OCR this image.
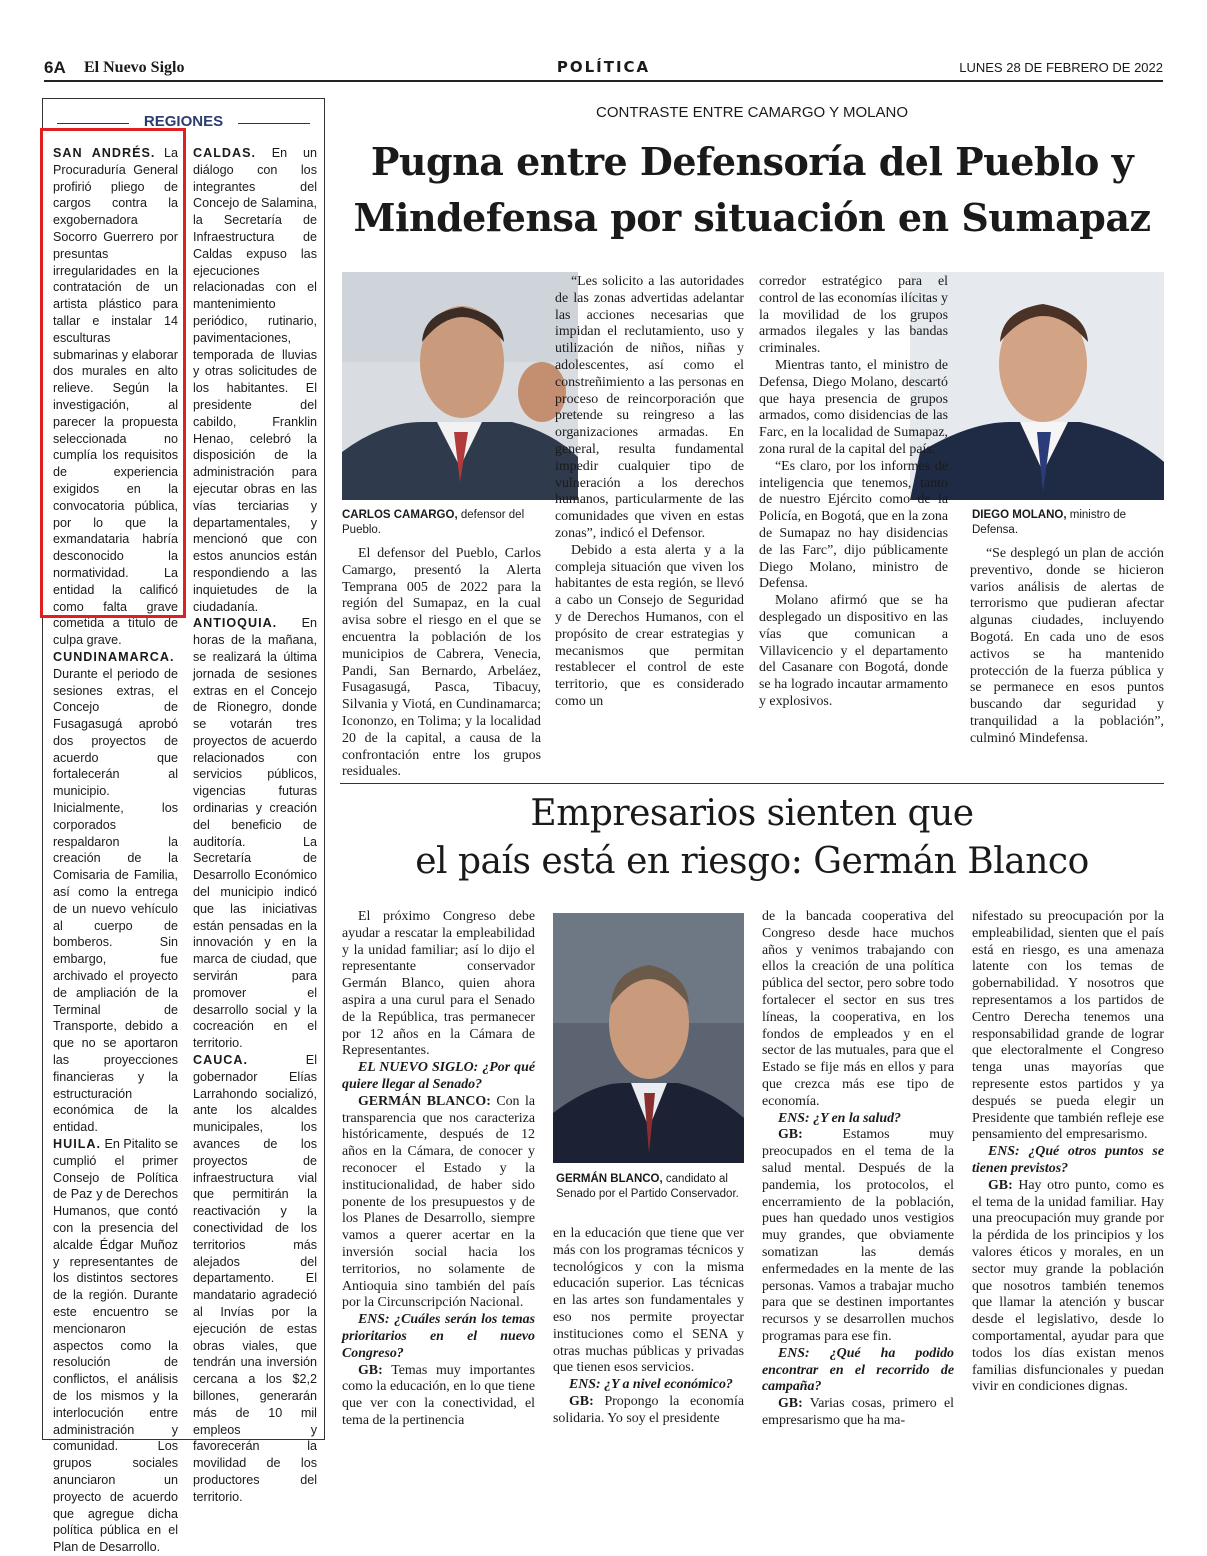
6A El Nuevo Siglo	POLÍTICA	LUNES 28 DE FEBRERO DE 2022
REGIONES

SAN ANDRÉS. La Procuraduría General profirió pliego de cargos contra la exgobernadora Socorro Guerrero por presuntas irregularidades en la contratación de un artista plástico para tallar e instalar 14 esculturas submarinas y elaborar dos murales en alto relieve. Según la investigación, al parecer la propuesta seleccionada no cumplía los requisitos de experiencia exigidos en la convocatoria pública, por lo que la exmandataria habría desconocido la normatividad. La entidad la calificó como falta grave cometida a título de culpa grave.

CUNDINAMARCA. Durante el periodo de sesiones extras, el Concejo de Fusagasugá aprobó dos proyectos de acuerdo que fortalecerán al municipio. Inicialmente, los corporados respaldaron la creación de la Comisaria de Familia, así como la entrega de un nuevo vehículo al cuerpo de bomberos. Sin embargo, fue archivado el proyecto de ampliación de la Terminal de Transporte, debido a que no se aportaron las proyecciones financieras y la estructuración económica de la entidad.

HUILA. En Pitalito se cumplió el primer Consejo de Política de Paz y de Derechos Humanos, que contó con la presencia del alcalde Édgar Muñoz y representantes de los distintos sectores de la región. Durante este encuentro se mencionaron aspectos como la resolución de conflictos, el análisis de los mismos y la interlocución entre administración y comunidad. Los grupos sociales anunciaron un proyecto de acuerdo que agregue dicha política pública en el Plan de Desarrollo.

CALDAS. En un diálogo con los integrantes del Concejo de Salamina, la Secretaría de Infraestructura de Caldas expuso las ejecuciones relacionadas con el mantenimiento periódico, rutinario, pavimentaciones, temporada de lluvias y otras solicitudes de los habitantes. El presidente del cabildo, Franklin Henao, celebró la disposición de la administración para ejecutar obras en las vías terciarias y departamentales, y mencionó que con estos anuncios están respondiendo a las inquietudes de la ciudadanía.

ANTIOQUIA. En horas de la mañana, se realizará la última jornada de sesiones extras en el Concejo de Rionegro, donde se votarán tres proyectos de acuerdo relacionados con servicios públicos, vigencias futuras ordinarias y creación del beneficio de auditoría. La Secretaría de Desarrollo Económico del municipio indicó que las iniciativas están pensadas en la innovación y en la marca de ciudad, que servirán para promover el desarrollo social y la cocreación en el territorio.

CAUCA. El gobernador Elías Larrahondo socializó, ante los alcaldes municipales, los avances de los proyectos de infraestructura vial que permitirán la reactivación y la conectividad de los territorios más alejados del departamento. El mandatario agradeció al Invías por la ejecución de estas obras viales, que tendrán una inversión cercana a los $2,2 billones, generarán más de 10 mil empleos y favorecerán la movilidad de los productores del territorio.

CONTRASTE ENTRE CAMARGO Y MOLANO
Pugna entre Defensoría del Pueblo y
Mindefensa por situación en Sumapaz
CARLOS CAMARGO, defensor del Pueblo.
DIEGO MOLANO, ministro de Defensa.

El defensor del Pueblo, Carlos Camargo, presentó la Alerta Temprana 005 de 2022 para la región del Sumapaz, en la cual avisa sobre el riesgo en el que se encuentra la población de los municipios de Cabrera, Venecia, Pandi, San Bernardo, Arbeláez, Fusagasugá, Pasca, Tibacuy, Silvania y Viotá, en Cundinamarca; Icononzo, en Tolima; y la localidad 20 de la capital, a causa de la confrontación entre los grupos residuales.

“Les solicito a las autoridades de las zonas advertidas adelantar las acciones necesarias que impidan el reclutamiento, uso y utilización de niños, niñas y adolescentes, así como el constreñimiento a las personas en proceso de reincorporación que pretende su reingreso a las organizaciones armadas. En general, resulta fundamental impedir cualquier tipo de vulneración a los derechos humanos, particularmente de las comunidades que viven en estas zonas”, indicó el Defensor.

Debido a esta alerta y a la compleja situación que viven los habitantes de esta región, se llevó a cabo un Consejo de Seguridad y de Derechos Humanos, con el propósito de crear estrategias y mecanismos que permitan restablecer el control de este territorio, que es considerado como un

corredor estratégico para el control de las economías ilícitas y la movilidad de los grupos armados ilegales y las bandas criminales.

Mientras tanto, el ministro de Defensa, Diego Molano, descartó que haya presencia de grupos armados, como disidencias de las Farc, en la localidad de Sumapaz, zona rural de la capital del país.

“Es claro, por los informes de inteligencia que tenemos, tanto de nuestro Ejército como de la Policía, en Bogotá, que en la zona de Sumapaz no hay disidencias de las Farc”, dijo públicamente Diego Molano, ministro de Defensa.

Molano afirmó que se ha desplegado un dispositivo en las vías que comunican a Villavicencio y el departamento del Casanare con Bogotá, donde se ha logrado incautar armamento y explosivos.

“Se desplegó un plan de acción preventivo, donde se hicieron varios análisis de alertas de terrorismo que pudieran afectar algunas ciudades, incluyendo Bogotá. En cada uno de esos activos se ha mantenido protección de la fuerza pública y se permanece en esos puntos buscando dar seguridad y tranquilidad a la población”, culminó Mindefensa.

Empresarios sienten que
el país está en riesgo: Germán Blanco
GERMÁN BLANCO, candidato al Senado por el Partido Conservador.

El próximo Congreso debe ayudar a rescatar la empleabilidad y la unidad familiar; así lo dijo el representante conservador Germán Blanco, quien ahora aspira a una curul para el Senado de la República, tras permanecer por 12 años en la Cámara de Representantes.

EL NUEVO SIGLO: ¿Por qué quiere llegar al Senado?

GERMÁN BLANCO: Con la transparencia que nos caracteriza históricamente, después de 12 años en la Cámara, de conocer y reconocer el Estado y la institucionalidad, de haber sido ponente de los presupuestos y de los Planes de Desarrollo, siempre vamos a querer acertar en la inversión social hacia los territorios, no solamente de Antioquia sino también del país por la Circunscripción Nacional.

ENS: ¿Cuáles serán los temas prioritarios en el nuevo Congreso?

GB: Temas muy importantes como la educación, en lo que tiene que ver con la conectividad, el tema de la pertinencia

en la educación que tiene que ver más con los programas técnicos y tecnológicos y con la misma educación superior. Las técnicas en las artes son fundamentales y eso nos permite proyectar instituciones como el SENA y otras muchas públicas y privadas que tienen esos servicios.

ENS: ¿Y a nivel económico?

GB: Propongo la economía solidaria. Yo soy el presidente

de la bancada cooperativa del Congreso desde hace muchos años y venimos trabajando con ellos la creación de una política pública del sector, pero sobre todo fortalecer el sector en sus tres líneas, la cooperativa, en los fondos de empleados y en el sector de las mutuales, para que el Estado se fije más en ellos y para que crezca más ese tipo de economía.

ENS: ¿Y en la salud?

GB: Estamos muy preocupados en el tema de la salud mental. Después de la pandemia, los protocolos, el encerramiento de la población, pues han quedado unos vestigios muy grandes, que obviamente somatizan las demás enfermedades en la mente de las personas. Vamos a trabajar mucho para que se destinen importantes recursos y se desarrollen muchos programas para ese fin.

ENS: ¿Qué ha podido encontrar en el recorrido de campaña?

GB: Varias cosas, primero el empresarismo que ha ma-

nifestado su preocupación por la empleabilidad, sienten que el país está en riesgo, es una amenaza latente con los temas de gobernabilidad. Y nosotros que representamos a los partidos de Centro Derecha tenemos una responsabilidad grande de lograr que electoralmente el Congreso tenga unas mayorías que represente estos partidos y ya después se pueda elegir un Presidente que también refleje ese pensamiento del empresarismo.

ENS: ¿Qué otros puntos se tienen previstos?

GB: Hay otro punto, como es el tema de la unidad familiar. Hay una preocupación muy grande por la pérdida de los principios y los valores éticos y morales, en un sector muy grande la población que nosotros también tenemos que llamar la atención y buscar desde el legislativo, desde lo comportamental, ayudar para que todos los días existan menos familias disfuncionales y puedan vivir en condiciones dignas.
